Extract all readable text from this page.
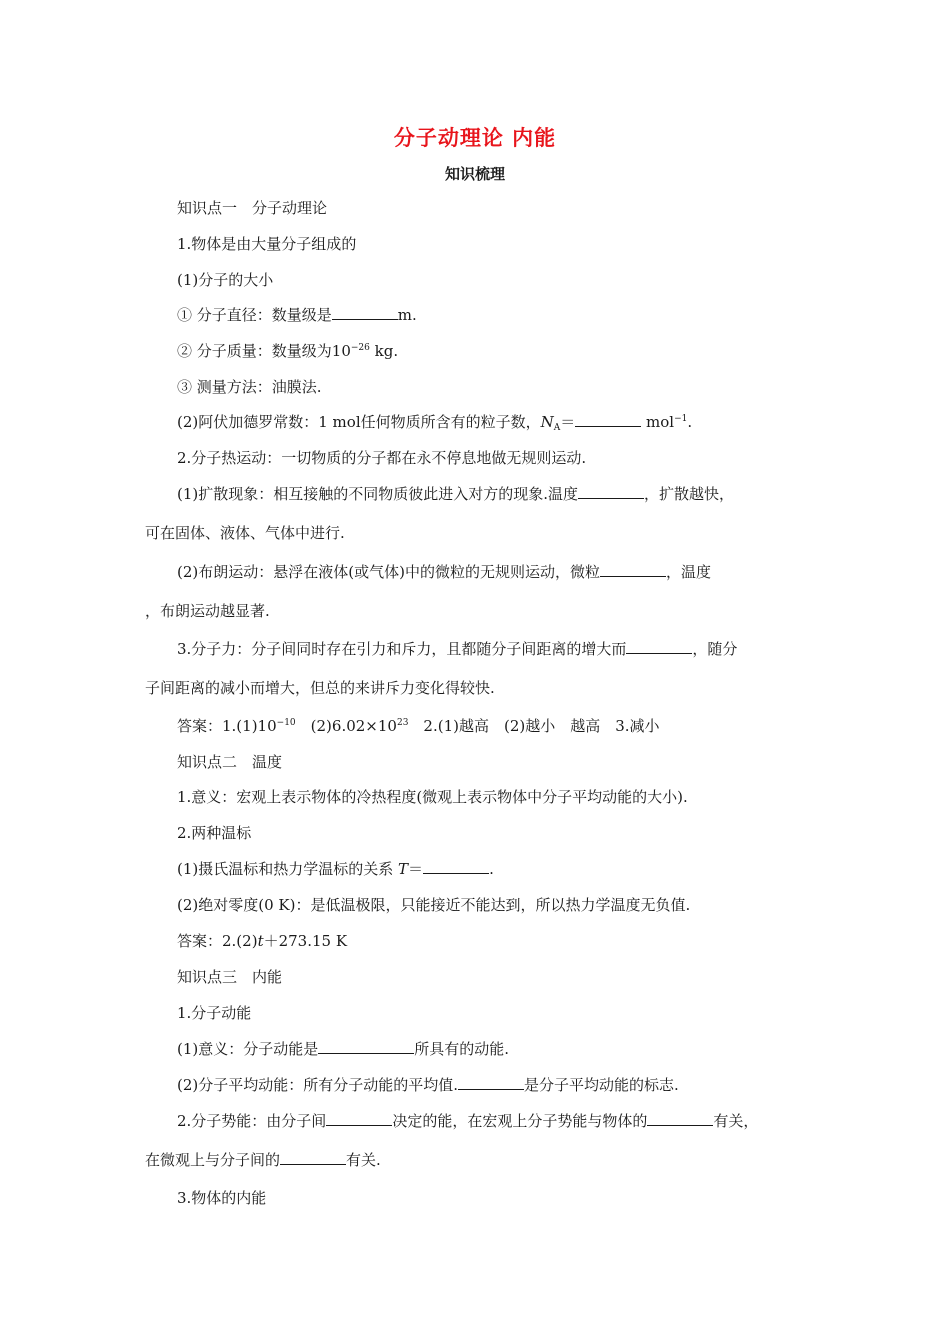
分子动理论 内能
知识梳理
知识点一　分子动理论
1.物体是由大量分子组成的
(1)分子的大小
① 分子直径：数量级是	m.
② 分子质量：数量级为$10^{-26}$ kg.
③ 测量方法：油膜法.
(2)阿伏加德罗常数：1 mol任何物质所含有的粒子数，$N_A=$	mol$^{-1}$.
2.分子热运动：一切物质的分子都在永不停息地做无规则运动.
(1)扩散现象：相互接触的不同物质彼此进入对方的现象.温度	，扩散越快，
可在固体、液体、气体中进行.
(2)布朗运动：悬浮在液体(或气体)中的微粒的无规则运动，微粒	，温度
，布朗运动越显著.
3.分子力：分子间同时存在引力和斥力，且都随分子间距离的增大而	，随分
子间距离的减小而增大，但总的来讲斥力变化得较快.
答案：$1.(1)10^{-10}$　$(2)6.02\times 10^{23}$　2.(1)越高　(2)越小　越高　3.减小
知识点二　温度
1.意义：宏观上表示物体的冷热程度(微观上表示物体中分子平均动能的大小).
2.两种温标
(1)摄氏温标和热力学温标的关系 T＝	.
(2)绝对零度(0 K)：是低温极限，只能接近不能达到，所以热力学温度无负值.
答案：2.(2)t＋273.15 K
知识点三　内能
1.分子动能
(1)意义：分子动能是	所具有的动能.
(2)分子平均动能：所有分子动能的平均值.	是分子平均动能的标志.
2.分子势能：由分子间	决定的能，在宏观上分子势能与物体的	有关，
在微观上与分子间的	有关.
3.物体的内能
